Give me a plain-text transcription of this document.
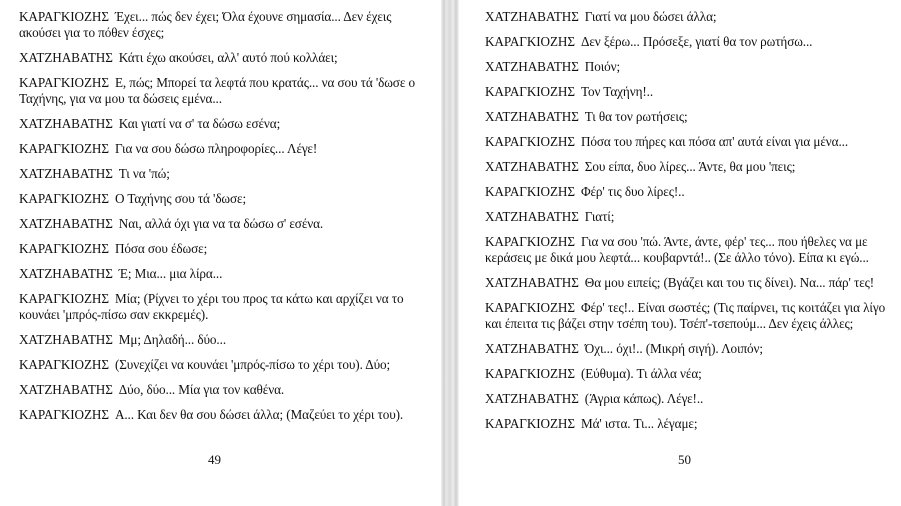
ΚΑΡΑΓΚΙΟΖΗΣ Έχει... πώς δεν έχει; Όλα έχουνε σημασία... Δεν έχεις ακούσει για το πόθεν έσχες;

ΧΑΤΖΗΑΒΑΤΗΣ Κάτι έχω ακούσει, αλλ' αυτό πού κολλάει;

ΚΑΡΑΓΚΙΟΖΗΣ Ε, πώς; Μπορεί τα λεφτά που κρατάς... να σου τά 'δωσε ο Ταχήνης, για να μου τα δώσεις εμένα...

ΧΑΤΖΗΑΒΑΤΗΣ Και γιατί να σ' τα δώσω εσένα;

ΚΑΡΑΓΚΙΟΖΗΣ Για να σου δώσω πληροφορίες... Λέγε!

ΧΑΤΖΗΑΒΑΤΗΣ Τι να 'πώ;

ΚΑΡΑΓΚΙΟΖΗΣ Ο Ταχήνης σου τά 'δωσε;

ΧΑΤΖΗΑΒΑΤΗΣ Ναι, αλλά όχι για να τα δώσω σ' εσένα.

ΚΑΡΑΓΚΙΟΖΗΣ Πόσα σου έδωσε;

ΧΑΤΖΗΑΒΑΤΗΣ Έ; Μια... μια λίρα...

ΚΑΡΑΓΚΙΟΖΗΣ Μία; (Ρίχνει το χέρι του προς τα κάτω και αρχίζει να το κουνάει 'μπρός-πίσω σαν εκκρεμές).

ΧΑΤΖΗΑΒΑΤΗΣ Μμ; Δηλαδή... δύο...

ΚΑΡΑΓΚΙΟΖΗΣ (Συνεχίζει να κουνάει 'μπρός-πίσω το χέρι του). Δύο;

ΧΑΤΖΗΑΒΑΤΗΣ Δύο, δύο... Μία για τον καθένα.

ΚΑΡΑΓΚΙΟΖΗΣ Α... Και δεν θα σου δώσει άλλα; (Μαζεύει το χέρι του).

49

ΧΑΤΖΗΑΒΑΤΗΣ Γιατί να μου δώσει άλλα;

ΚΑΡΑΓΚΙΟΖΗΣ Δεν ξέρω... Πρόσεξε, γιατί θα τον ρωτήσω...

ΧΑΤΖΗΑΒΑΤΗΣ Ποιόν;

ΚΑΡΑΓΚΙΟΖΗΣ Τον Ταχήνη!..

ΧΑΤΖΗΑΒΑΤΗΣ Τι θα τον ρωτήσεις;

ΚΑΡΑΓΚΙΟΖΗΣ Πόσα του πήρες και πόσα απ' αυτά είναι για μένα...

ΧΑΤΖΗΑΒΑΤΗΣ Σου είπα, δυο λίρες... Άντε, θα μου 'πεις;

ΚΑΡΑΓΚΙΟΖΗΣ Φέρ' τις δυο λίρες!..

ΧΑΤΖΗΑΒΑΤΗΣ Γιατί;

ΚΑΡΑΓΚΙΟΖΗΣ Για να σου 'πώ. Άντε, άντε, φέρ' τες... που ήθελες να με κεράσεις με δικά μου λεφτά... κουβαρντά!.. (Σε άλλο τόνο). Είπα κι εγώ...

ΧΑΤΖΗΑΒΑΤΗΣ Θα μου ειπείς; (Βγάζει και του τις δίνει). Να... πάρ' τες!

ΚΑΡΑΓΚΙΟΖΗΣ Φέρ' τες!.. Είναι σωστές; (Τις παίρνει, τις κοιτάζει για λίγο και έπειτα τις βάζει στην τσέπη του). Τσέπ'-τσεπούμ... Δεν έχεις άλλες;

ΧΑΤΖΗΑΒΑΤΗΣ Όχι... όχι!.. (Μικρή σιγή). Λοιπόν;

ΚΑΡΑΓΚΙΟΖΗΣ (Εύθυμα). Τι άλλα νέα;

ΧΑΤΖΗΑΒΑΤΗΣ (Άγρια κάπως). Λέγε!..

ΚΑΡΑΓΚΙΟΖΗΣ Μά' ιστα. Τι... λέγαμε;

50
